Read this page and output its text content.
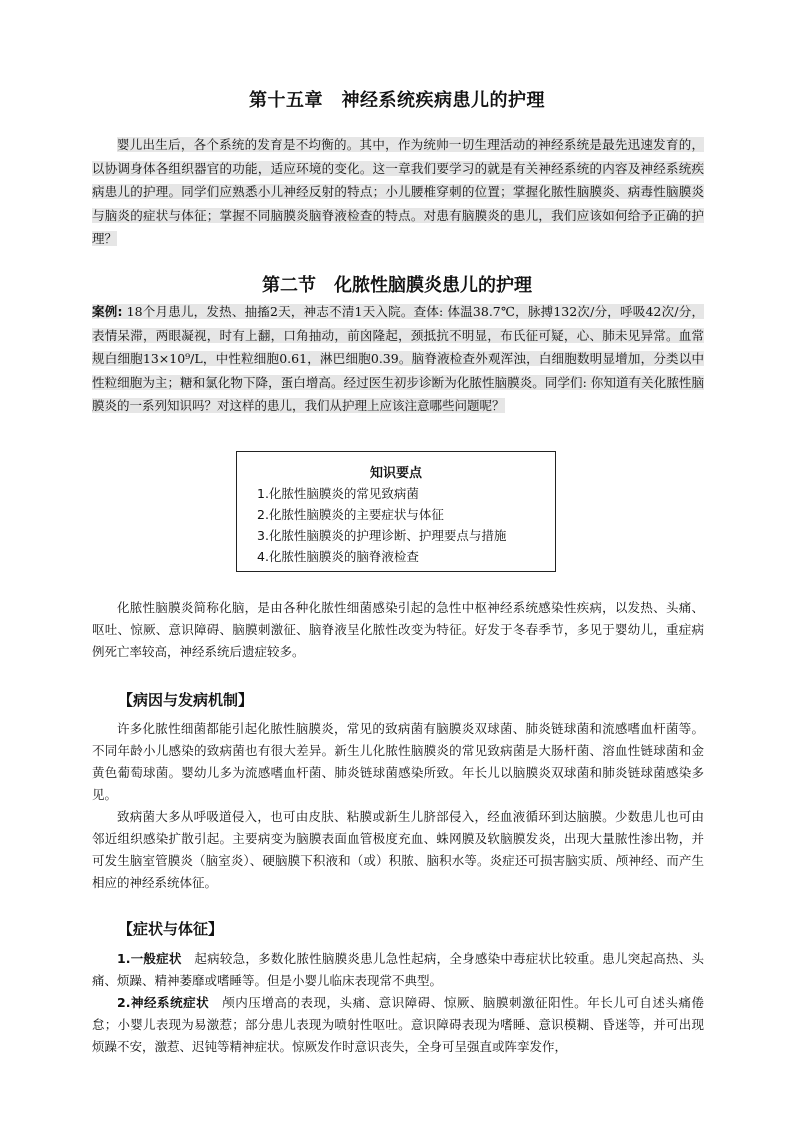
第十五章　神经系统疾病患儿的护理
婴儿出生后，各个系统的发育是不均衡的。其中，作为统帅一切生理活动的神经系统是最先迅速发育的，以协调身体各组织器官的功能，适应环境的变化。这一章我们要学习的就是有关神经系统的内容及神经系统疾病患儿的护理。同学们应熟悉小儿神经反射的特点；小儿腰椎穿刺的位置；掌握化脓性脑膜炎、病毒性脑膜炎与脑炎的症状与体征；掌握不同脑膜炎脑脊液检查的特点。对患有脑膜炎的患儿，我们应该如何给予正确的护理？
第二节　化脓性脑膜炎患儿的护理
案例: 18个月患儿，发热、抽搐2天，神志不清1天入院。查体: 体温38.7℃，脉搏132次/分，呼吸42次/分，表情呆滞，两眼凝视，时有上翻，口角抽动，前囟隆起，颈抵抗不明显，布氏征可疑，心、肺未见异常。血常规白细胞13×10⁹/L，中性粒细胞0.61，淋巴细胞0.39。脑脊液检查外观浑浊，白细胞数明显增加，分类以中性粒细胞为主；糖和氯化物下降，蛋白增高。经过医生初步诊断为化脓性脑膜炎。同学们: 你知道有关化脓性脑膜炎的一系列知识吗？对这样的患儿，我们从护理上应该注意哪些问题呢？
知识要点
1.化脓性脑膜炎的常见致病菌
2.化脓性脑膜炎的主要症状与体征
3.化脓性脑膜炎的护理诊断、护理要点与措施
4.化脓性脑膜炎的脑脊液检查

化脓性脑膜炎简称化脑，是由各种化脓性细菌感染引起的急性中枢神经系统感染性疾病，以发热、头痛、呕吐、惊厥、意识障碍、脑膜刺激征、脑脊液呈化脓性改变为特征。好发于冬春季节，多见于婴幼儿，重症病例死亡率较高，神经系统后遗症较多。

【病因与发病机制】

许多化脓性细菌都能引起化脓性脑膜炎，常见的致病菌有脑膜炎双球菌、肺炎链球菌和流感嗜血杆菌等。不同年龄小儿感染的致病菌也有很大差异。新生儿化脓性脑膜炎的常见致病菌是大肠杆菌、溶血性链球菌和金黄色葡萄球菌。婴幼儿多为流感嗜血杆菌、肺炎链球菌感染所致。年长儿以脑膜炎双球菌和肺炎链球菌感染多见。

致病菌大多从呼吸道侵入，也可由皮肤、粘膜或新生儿脐部侵入，经血液循环到达脑膜。少数患儿也可由邻近组织感染扩散引起。主要病变为脑膜表面血管极度充血、蛛网膜及软脑膜发炎，出现大量脓性渗出物，并可发生脑室管膜炎（脑室炎）、硬脑膜下积液和（或）积脓、脑积水等。炎症还可损害脑实质、颅神经、而产生相应的神经系统体征。

【症状与体征】

1.一般症状　起病较急，多数化脓性脑膜炎患儿急性起病，全身感染中毒症状比较重。患儿突起高热、头痛、烦躁、精神萎靡或嗜睡等。但是小婴儿临床表现常不典型。

2.神经系统症状　颅内压增高的表现，头痛、意识障碍、惊厥、脑膜刺激征阳性。年长儿可自述头痛倦怠；小婴儿表现为易激惹；部分患儿表现为喷射性呕吐。意识障碍表现为嗜睡、意识模糊、昏迷等，并可出现烦躁不安，激惹、迟钝等精神症状。惊厥发作时意识丧失，全身可呈强直或阵挛发作，
